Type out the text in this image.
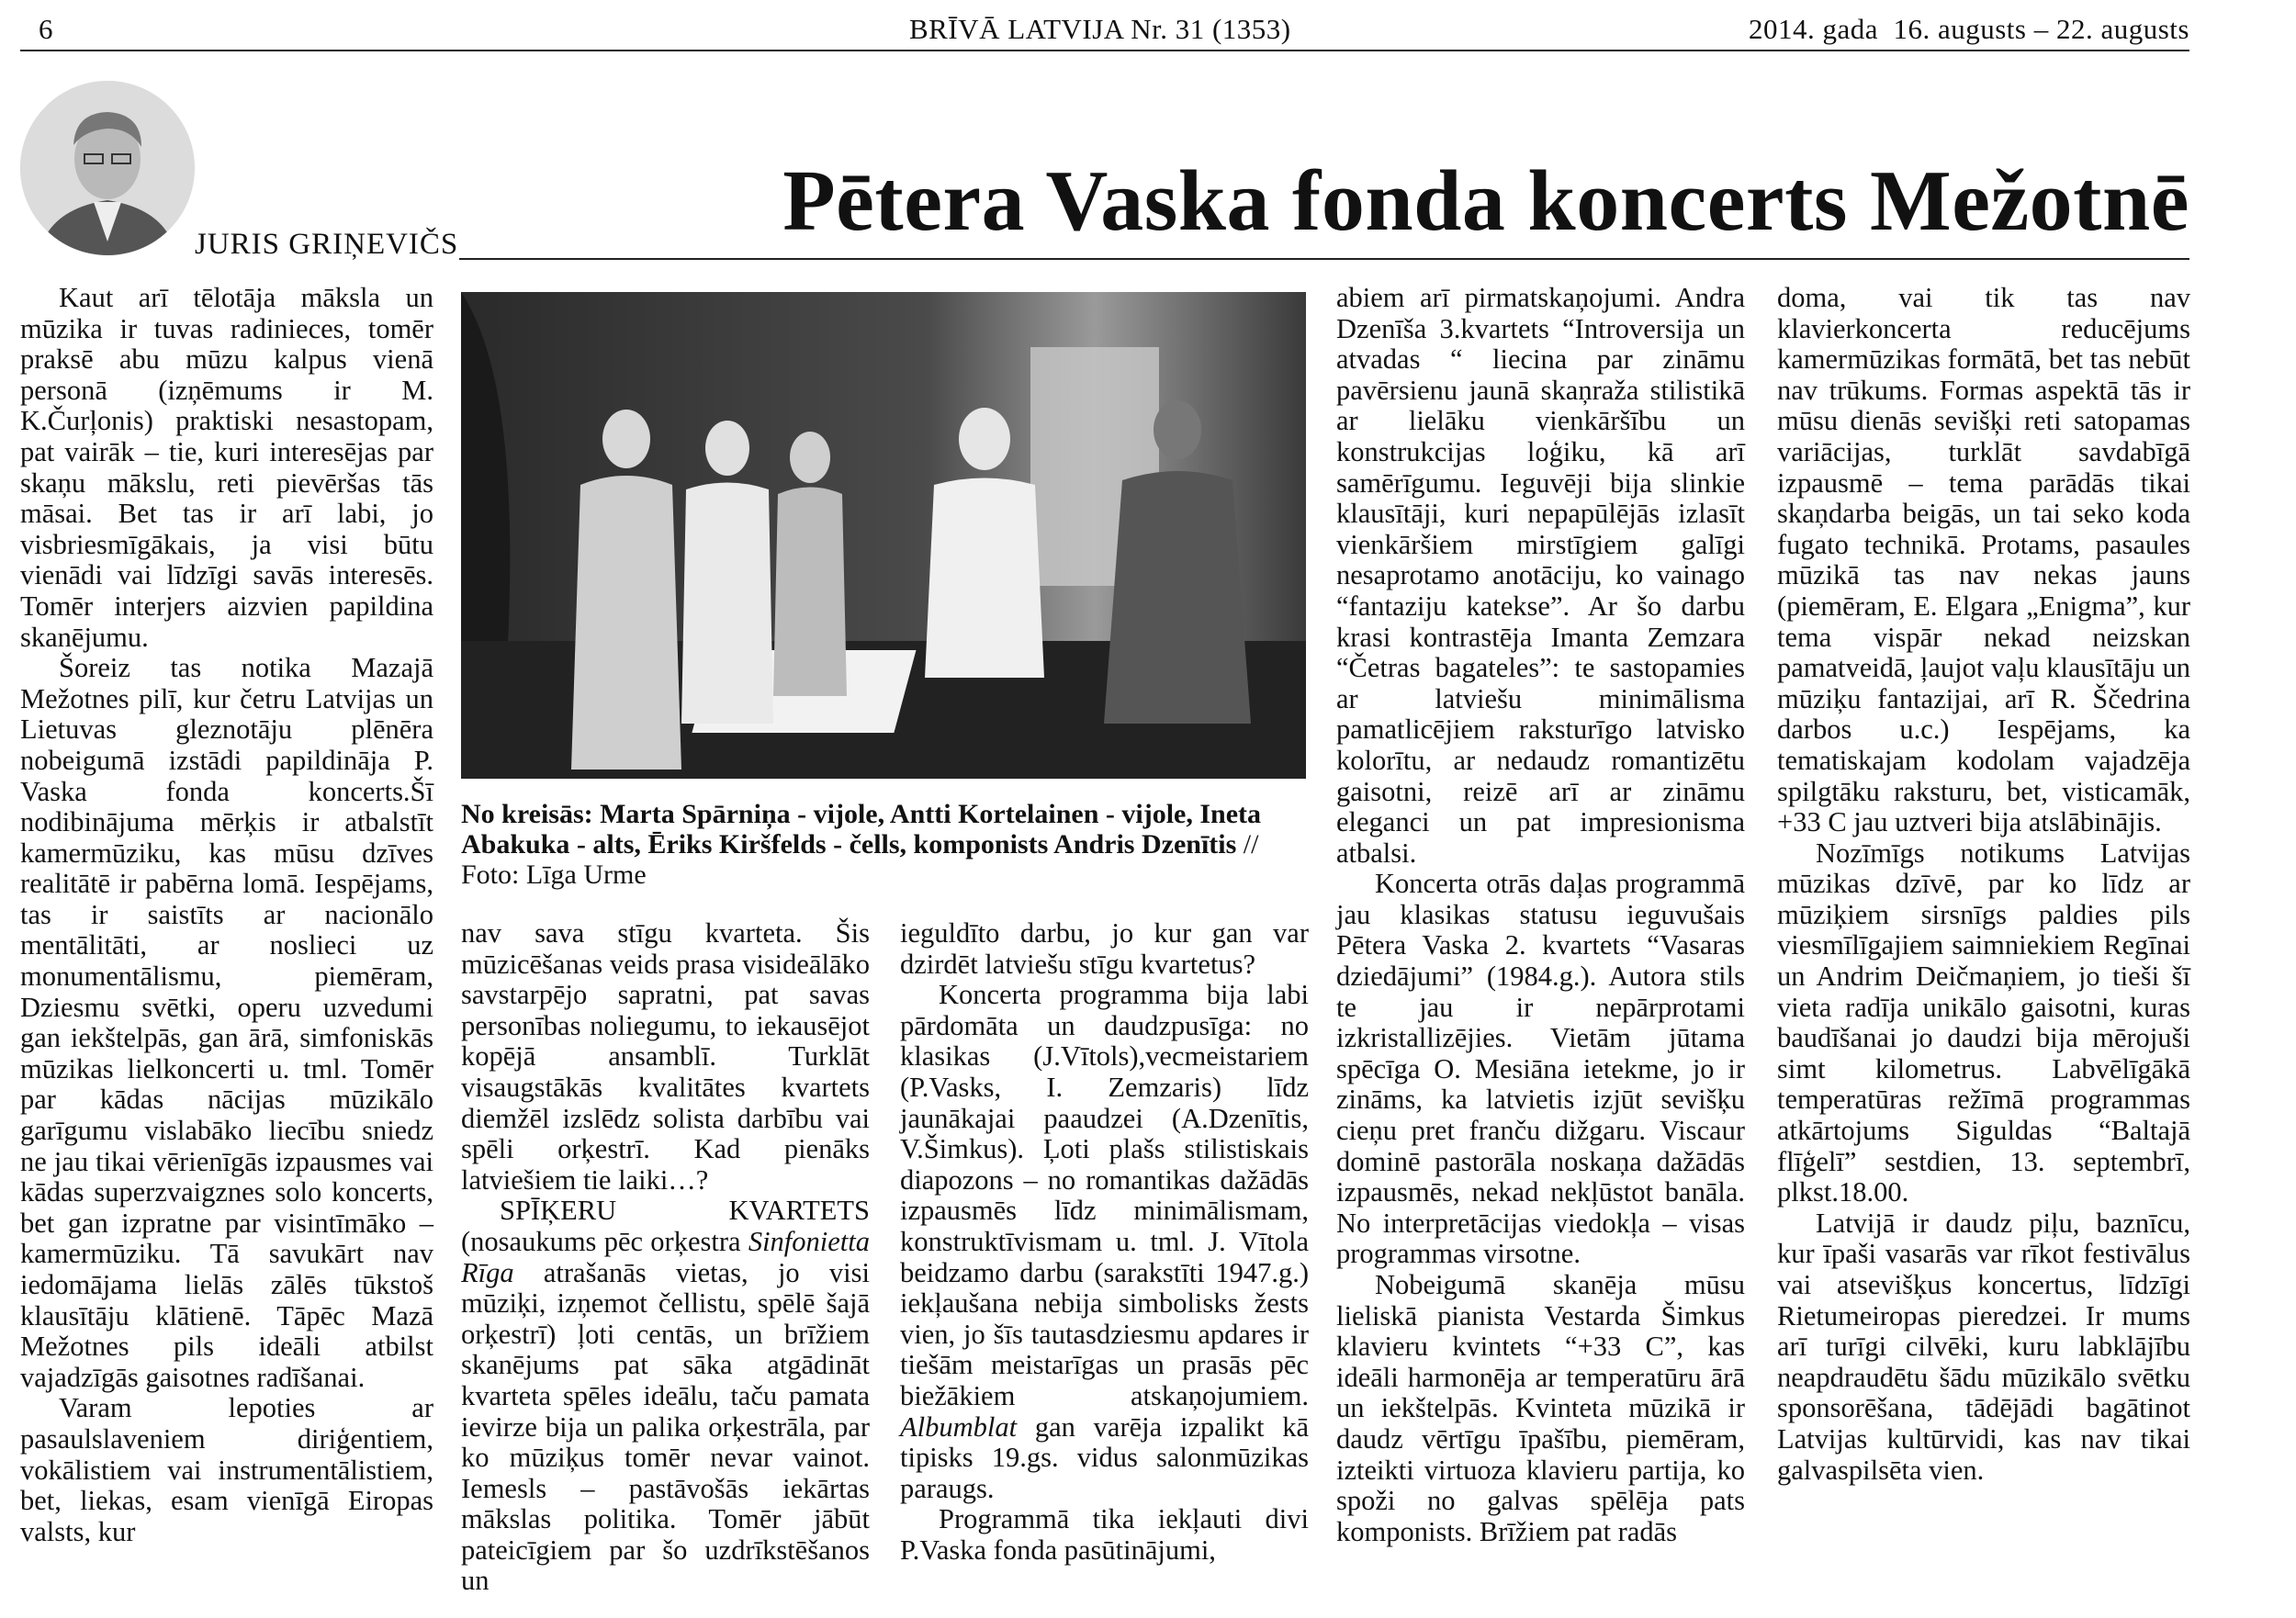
6	BRĪVĀ LATVIJA Nr. 31 (1353)	2014. gada  16. augusts – 22. augusts
JURIS GRIŅEVIČS	Pētera Vaska fonda koncerts Mežotnē

Kaut arī tēlotāja māksla un mūzika ir tuvas radinieces, tomēr praksē abu mūzu kalpus vienā personā (izņēmums ir M. K.Čurļonis) praktiski nesastopam, pat vairāk – tie, kuri interesējas par skaņu mākslu, reti pievēršas tās māsai. Bet tas ir arī labi, jo visbriesmīgākais, ja visi būtu vienādi vai līdzīgi savās interesēs. Tomēr interjers aizvien papildina skanējumu.

Šoreiz tas notika Mazajā Mežotnes pilī, kur četru Latvijas un Lietuvas gleznotāju plēnēra nobeigumā izstādi papildināja P. Vaska fonda koncerts.Šī nodibinājuma mērķis ir atbalstīt kamermūziku, kas mūsu dzīves realitātē ir pabērna lomā. Iespējams, tas ir saistīts ar nacionālo mentālitāti, ar noslieci uz monumentālismu, piemēram, Dziesmu svētki, operu uzvedumi gan iekštelpās, gan ārā, simfoniskās mūzikas lielkoncerti u. tml. Tomēr par kādas nācijas mūzikālo garīgumu vislabāko liecību sniedz ne jau tikai vērienīgās izpausmes vai kādas superzvaigznes solo koncerts, bet gan izpratne par visintīmāko – kamermūziku. Tā savukārt nav iedomājama lielās zālēs tūkstoš klausītāju klātienē. Tāpēc Mazā Mežotnes pils ideāli atbilst vajadzīgās gaisotnes radīšanai.

Varam lepoties ar pasaulslaveniem diriģentiem, vokālistiem vai instrumentālistiem, bet, liekas, esam vienīgā Eiropas valsts, kur

No kreisās: Marta Spārniņa - vijole, Antti Kortelainen - vijole, Ineta Abakuka - alts, Ēriks Kiršfelds - čells, komponists Andris Dzenītis // Foto: Līga Urme

nav sava stīgu kvarteta. Šis mūzicēšanas veids prasa visideālāko savstarpējo sapratni, pat savas personības noliegumu, to iekausējot kopējā ansamblī. Turklāt visaugstākās kvalitātes kvartets diemžēl izslēdz solista darbību vai spēli orķestrī. Kad pienāks latviešiem tie laiki…?

SPĪĶERU KVARTETS (nosaukums pēc orķestra Sinfonietta Rīga atrašanās vietas, jo visi mūziķi, izņemot čellistu, spēlē šajā orķestrī) ļoti centās, un brīžiem skanējums pat sāka atgādināt kvarteta spēles ideālu, taču pamata ievirze bija un palika orķestrāla, par ko mūziķus tomēr nevar vainot. Iemesls – pastāvošās iekārtas mākslas politika. Tomēr jābūt pateicīgiem par šo uzdrīkstēšanos un

ieguldīto darbu, jo kur gan var dzirdēt latviešu stīgu kvartetus?

Koncerta programma bija labi pārdomāta un daudzpusīga: no klasikas (J.Vītols),vecmeistariem (P.Vasks, I. Zemzaris) līdz jaunākajai paaudzei (A.Dzenītis, V.Šimkus). Ļoti plašs stilistiskais diapozons – no romantikas dažādās izpausmēs līdz minimālismam, konstruktīvismam u. tml. J. Vītola beidzamo darbu (sarakstīti 1947.g.) iekļaušana nebija simbolisks žests vien, jo šīs tautasdziesmu apdares ir tiešām meistarīgas un prasās pēc biežākiem atskaņojumiem. Albumblat gan varēja izpalikt kā tipisks 19.gs. vidus salonmūzikas paraugs.

Programmā tika iekļauti divi P.Vaska fonda pasūtinājumi,

abiem arī pirmatskaņojumi. Andra Dzenīša 3.kvartets “Introversija un atvadas “ liecina par zināmu pavērsienu jaunā skaņraža stilistikā ar lielāku vienkāršību un konstrukcijas loģiku, kā arī samērīgumu. Ieguvēji bija slinkie klausītāji, kuri nepapūlējās izlasīt vienkāršiem mirstīgiem galīgi nesaprotamo anotāciju, ko vainago “fantaziju katekse”. Ar šo darbu krasi kontrastēja Imanta Zemzara “Četras bagateles”: te sastopamies ar latviešu minimālisma pamatlicējiem raksturīgo latvisko kolorītu, ar nedaudz romantizētu gaisotni, reizē arī ar zināmu eleganci un pat impresionisma atbalsi.

Koncerta otrās daļas programmā jau klasikas statusu ieguvušais Pētera Vaska 2. kvartets “Vasaras dziedājumi” (1984.g.). Autora stils te jau ir nepārprotami izkristallizējies. Vietām jūtama spēcīga O. Mesiāna ietekme, jo ir zināms, ka latvietis izjūt sevišķu cieņu pret franču dižgaru. Viscaur dominē pastorāla noskaņa dažādās izpausmēs, nekad nekļūstot banāla. No interpretācijas viedokļa – visas programmas virsotne.

Nobeigumā skanēja mūsu lieliskā pianista Vestarda Šimkus klavieru kvintets “+33 C”, kas ideāli harmonēja ar temperatūru ārā un iekštelpās. Kvinteta mūzikā ir daudz vērtīgu īpašību, piemēram, izteikti virtuoza klavieru partija, ko spoži no galvas spēlēja pats komponists. Brīžiem pat radās

doma, vai tik tas nav klavierkoncerta reducējums kamermūzikas formātā, bet tas nebūt nav trūkums. Formas aspektā tās ir mūsu dienās sevišķi reti satopamas variācijas, turklāt savdabīgā izpausmē – tema parādās tikai skaņdarba beigās, un tai seko koda fugato technikā. Protams, pasaules mūzikā tas nav nekas jauns (piemēram, E. Elgara „Enigma”, kur tema vispār nekad neizskan pamatveidā, ļaujot vaļu klausītāju un mūziķu fantazijai, arī R. Ščedrina darbos u.c.) Iespējams, ka tematiskajam kodolam vajadzēja spilgtāku raksturu, bet, visticamāk, +33 C jau uztveri bija atslābinājis.

Nozīmīgs notikums Latvijas mūzikas dzīvē, par ko līdz ar mūziķiem sirsnīgs paldies pils viesmīlīgajiem saimniekiem Regīnai un Andrim Deičmaņiem, jo tieši šī vieta radīja unikālo gaisotni, kuras baudīšanai jo daudzi bija mērojuši simt kilometrus. Labvēlīgākā temperatūras režīmā programmas atkārtojums Siguldas “Baltajā flīģelī” sestdien, 13. septembrī, plkst.18.00.

Latvijā ir daudz piļu, baznīcu, kur īpaši vasarās var rīkot festivālus vai atsevišķus koncertus, līdzīgi Rietumeiropas pieredzei. Ir mums arī turīgi cilvēki, kuru labklājību neapdraudētu šādu mūzikālo svētku sponsorēšana, tādējādi bagātinot Latvijas kultūrvidi, kas nav tikai galvaspilsēta vien.
